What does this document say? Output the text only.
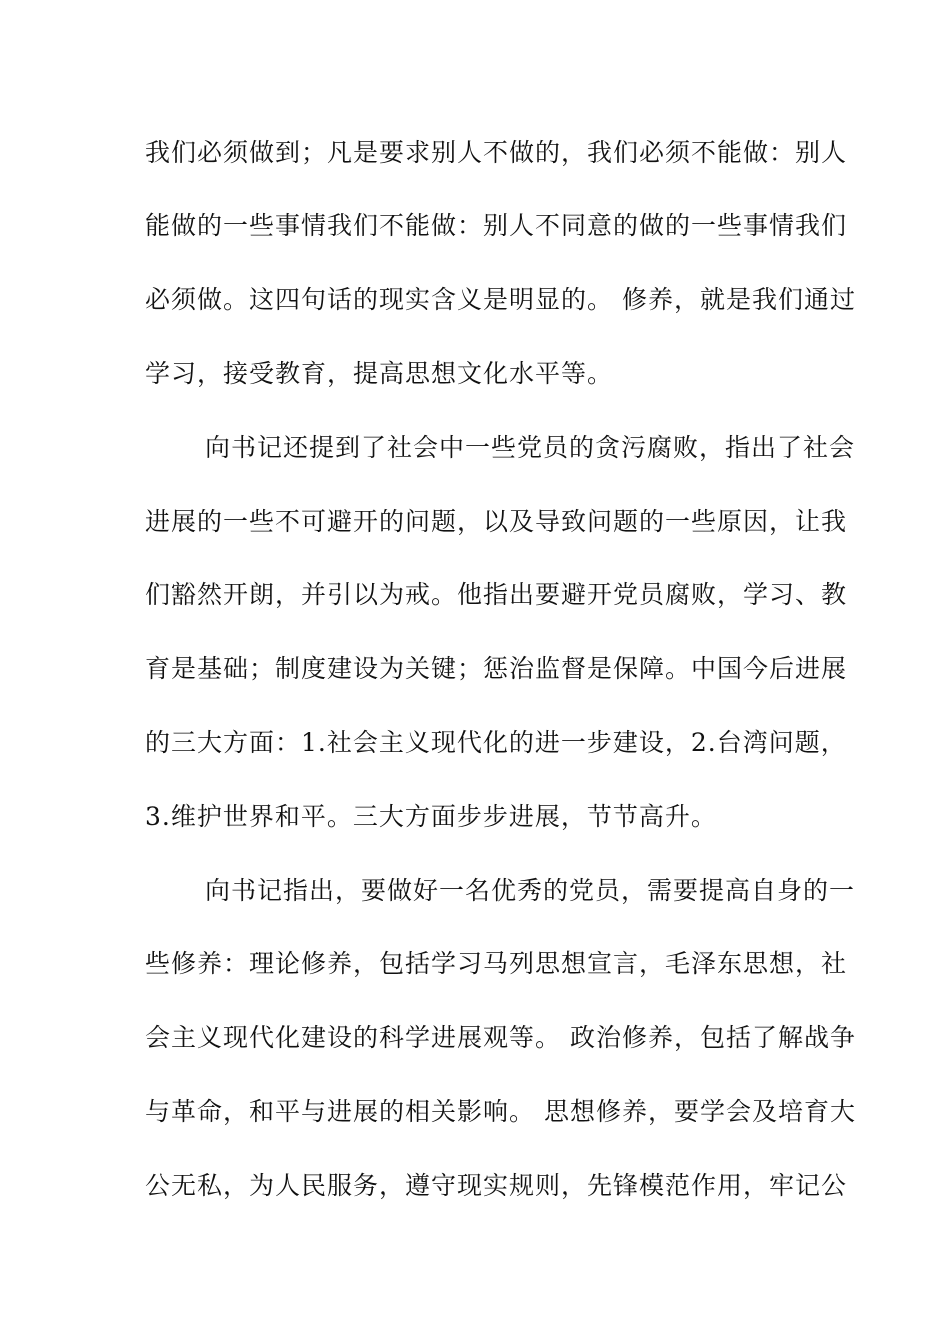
我们必须做到；凡是要求别人不做的，我们必须不能做：别人
能做的一些事情我们不能做：别人不同意的做的一些事情我们
必须做。这四句话的现实含义是明显的。 修养，就是我们通过
学习，接受教育，提高思想文化水平等。
向书记还提到了社会中一些党员的贪污腐败，指出了社会
进展的一些不可避开的问题，以及导致问题的一些原因，让我
们豁然开朗，并引以为戒。他指出要避开党员腐败，学习、教
育是基础；制度建设为关键；惩治监督是保障。中国今后进展
的三大方面：1.社会主义现代化的进一步建设，2.台湾问题，
3.维护世界和平。三大方面步步进展，节节高升。
向书记指出，要做好一名优秀的党员，需要提高自身的一
些修养：理论修养，包括学习马列思想宣言，毛泽东思想，社
会主义现代化建设的科学进展观等。 政治修养，包括了解战争
与革命，和平与进展的相关影响。 思想修养，要学会及培育大
公无私，为人民服务，遵守现实规则，先锋模范作用，牢记公
